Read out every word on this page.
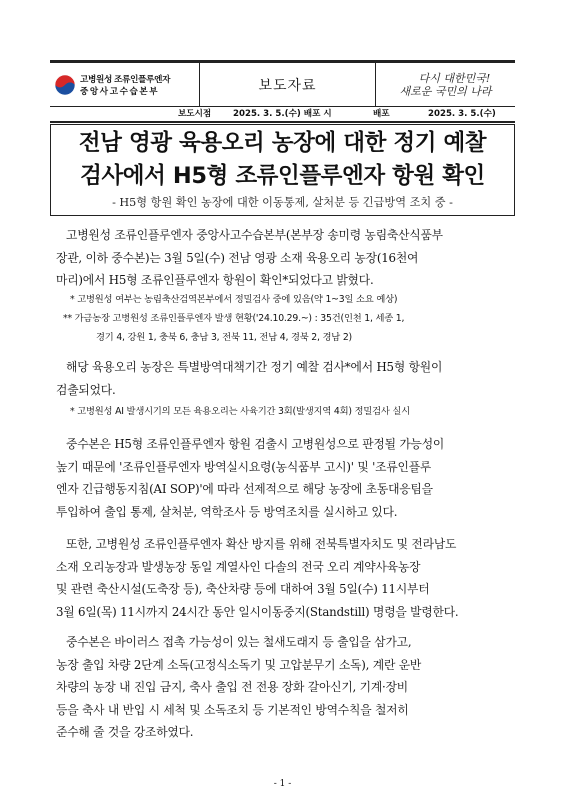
고병원성 조류인플루엔자
중앙사고수습본부	보도자료	다시 대한민국!
새로운 국민의 나라
보도시점	2025. 3. 5.(수) 배포 시	배포	2025. 3. 5.(수)
전남 영광 육용오리 농장에 대한 정기 예찰
검사에서 H5형 조류인플루엔자 항원 확인
- H5형 항원 확인 농장에 대한 이동통제, 살처분 등 긴급방역 조치 중 -
고병원성 조류인플루엔자 중앙사고수습본부(본부장 송미령 농림축산식품부
장관, 이하 중수본)는 3월 5일(수) 전남 영광 소재 육용오리 농장(16천여
마리)에서 H5형 조류인플루엔자 항원이 확인*되었다고 밝혔다.
* 고병원성 여부는 농림축산검역본부에서 정밀검사 중에 있음(약 1~3일 소요 예상)
** 가금농장 고병원성 조류인플루엔자 발생 현황('24.10.29.~) : 35건(인천 1, 세종 1,
경기 4, 강원 1, 충북 6, 충남 3, 전북 11, 전남 4, 경북 2, 경남 2)
해당 육용오리 농장은 특별방역대책기간 정기 예찰 검사*에서 H5형 항원이
검출되었다.
* 고병원성 AI 발생시기의 모든 육용오리는 사육기간 3회(발생지역 4회) 정밀검사 실시
중수본은 H5형 조류인플루엔자 항원 검출시 고병원성으로 판정될 가능성이
높기 때문에 '조류인플루엔자 방역실시요령(농식품부 고시)' 및 '조류인플루
엔자 긴급행동지침(AI SOP)'에 따라 선제적으로 해당 농장에 초동대응팀을
투입하여 출입 통제, 살처분, 역학조사 등 방역조치를 실시하고 있다.
또한, 고병원성 조류인플루엔자 확산 방지를 위해 전북특별자치도 및 전라남도
소재 오리농장과 발생농장 동일 계열사인 다솔의 전국 오리 계약사육농장
및 관련 축산시설(도축장 등), 축산차량 등에 대하여 3월 5일(수) 11시부터
3월 6일(목) 11시까지 24시간 동안 일시이동중지(Standstill) 명령을 발령한다.
중수본은 바이러스 접촉 가능성이 있는 철새도래지 등 출입을 삼가고,
농장 출입 차량 2단계 소독(고정식소독기 및 고압분무기 소독), 계란 운반
차량의 농장 내 진입 금지, 축사 출입 전 전용 장화 갈아신기, 기계·장비
등을 축사 내 반입 시 세척 및 소독조치 등 기본적인 방역수칙을 철저히
준수해 줄 것을 강조하였다.
- 1 -
